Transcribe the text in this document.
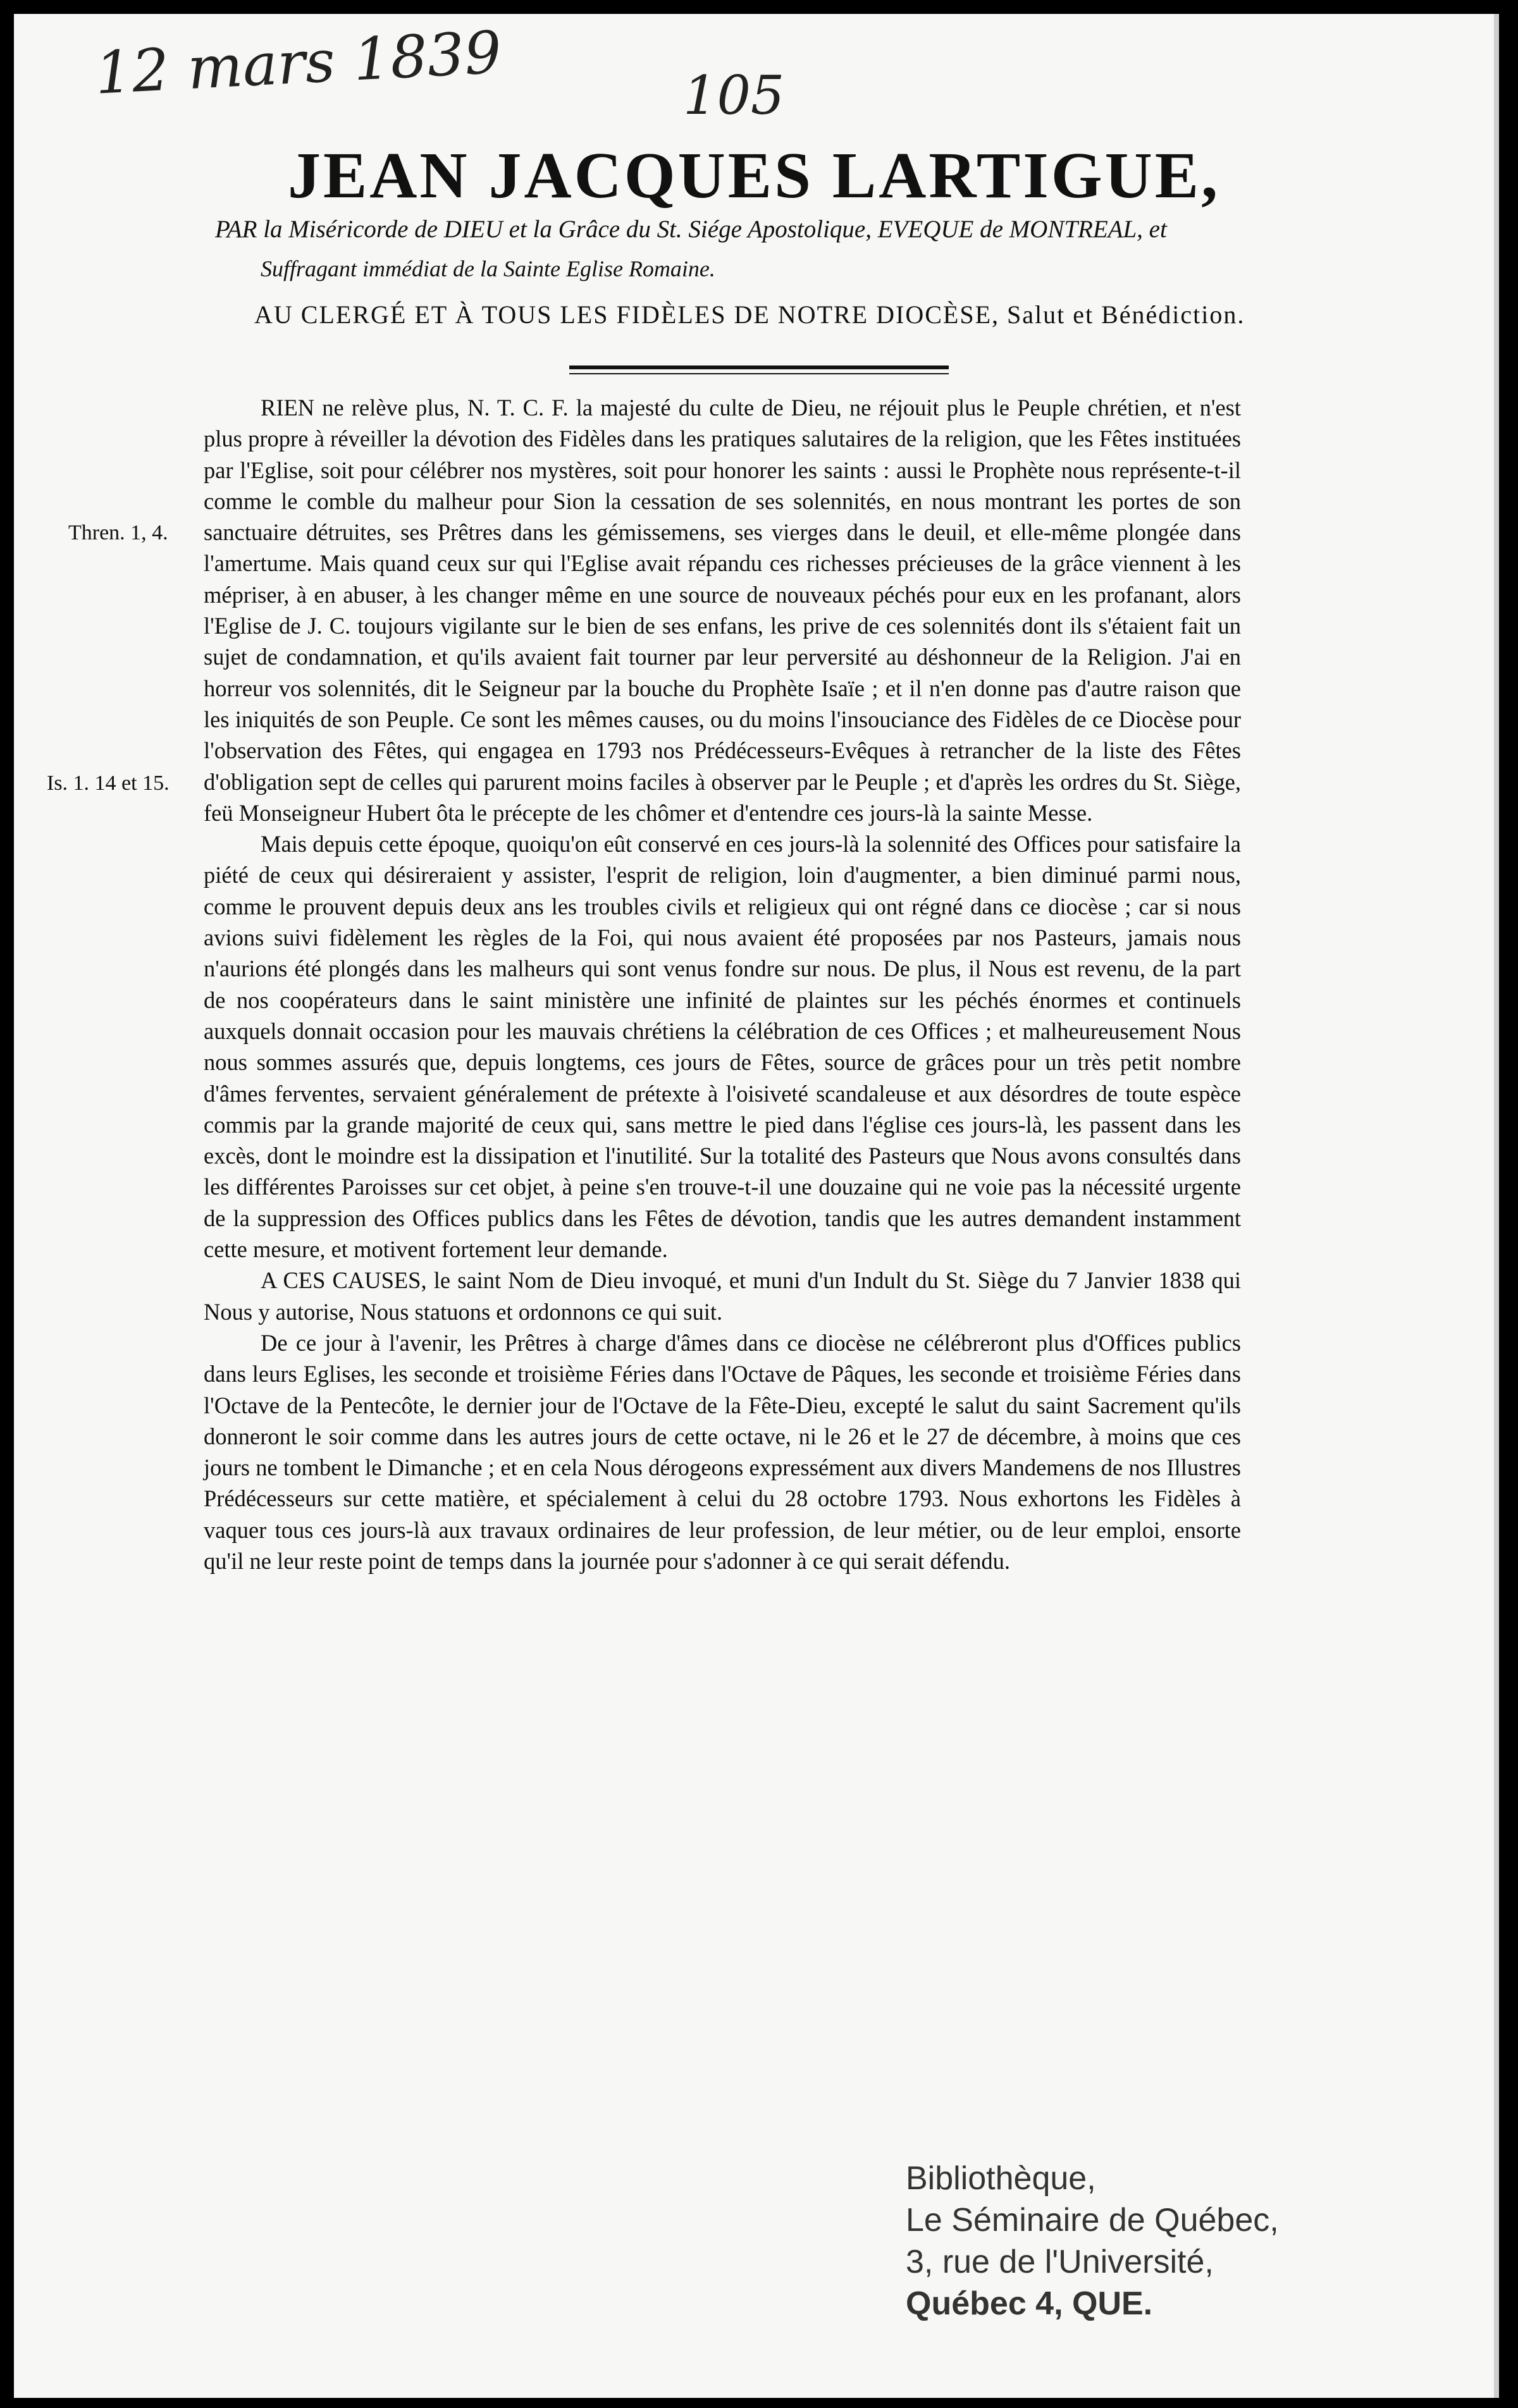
12 mars 1839	105
JEAN JACQUES LARTIGUE,
PAR la Miséricorde de DIEU et la Grâce du St. Siége Apostolique, EVEQUE de MONTREAL, et
Suffragant immédiat de la Sainte Eglise Romaine.
AU CLERGÉ ET À TOUS LES FIDÈLES DE NOTRE DIOCÈSE, Salut et Bénédiction.
Thren. 1, 4.
Is. 1. 14 et 15.

RIEN ne relève plus, N. T. C. F. la majesté du culte de Dieu, ne réjouit plus le Peuple chrétien, et n'est plus propre à réveiller la dévotion des Fidèles dans les pratiques salutaires de la religion, que les Fêtes instituées par l'Eglise, soit pour célébrer nos mystères, soit pour honorer les saints : aussi le Prophète nous représente-t-il comme le comble du malheur pour Sion la cessation de ses solennités, en nous montrant les portes de son sanctuaire détruites, ses Prêtres dans les gémissemens, ses vierges dans le deuil, et elle-même plongée dans l'amertume. Mais quand ceux sur qui l'Eglise avait répandu ces richesses précieuses de la grâce viennent à les mépriser, à en abuser, à les changer même en une source de nouveaux péchés pour eux en les profanant, alors l'Eglise de J. C. toujours vigilante sur le bien de ses enfans, les prive de ces solennités dont ils s'étaient fait un sujet de condamnation, et qu'ils avaient fait tourner par leur perversité au déshonneur de la Religion. J'ai en horreur vos solennités, dit le Seigneur par la bouche du Prophète Isaïe ; et il n'en donne pas d'autre raison que les iniquités de son Peuple. Ce sont les mêmes causes, ou du moins l'insouciance des Fidèles de ce Diocèse pour l'observation des Fêtes, qui engagea en 1793 nos Prédécesseurs-Evêques à retrancher de la liste des Fêtes d'obligation sept de celles qui parurent moins faciles à observer par le Peuple ; et d'après les ordres du St. Siège, feü Monseigneur Hubert ôta le précepte de les chômer et d'entendre ces jours-là la sainte Messe.

Mais depuis cette époque, quoiqu'on eût conservé en ces jours-là la solennité des Offices pour satisfaire la piété de ceux qui désireraient y assister, l'esprit de religion, loin d'augmenter, a bien diminué parmi nous, comme le prouvent depuis deux ans les troubles civils et religieux qui ont régné dans ce diocèse ; car si nous avions suivi fidèlement les règles de la Foi, qui nous avaient été proposées par nos Pasteurs, jamais nous n'aurions été plongés dans les malheurs qui sont venus fondre sur nous. De plus, il Nous est revenu, de la part de nos coopérateurs dans le saint ministère une infinité de plaintes sur les péchés énormes et continuels auxquels donnait occasion pour les mauvais chrétiens la célébration de ces Offices ; et malheureusement Nous nous sommes assurés que, depuis longtems, ces jours de Fêtes, source de grâces pour un très petit nombre d'âmes ferventes, servaient généralement de prétexte à l'oisiveté scandaleuse et aux désordres de toute espèce commis par la grande majorité de ceux qui, sans mettre le pied dans l'église ces jours-là, les passent dans les excès, dont le moindre est la dissipation et l'inutilité. Sur la totalité des Pasteurs que Nous avons consultés dans les différentes Paroisses sur cet objet, à peine s'en trouve-t-il une douzaine qui ne voie pas la nécessité urgente de la suppression des Offices publics dans les Fêtes de dévotion, tandis que les autres demandent instamment cette mesure, et motivent fortement leur demande.

A CES CAUSES, le saint Nom de Dieu invoqué, et muni d'un Indult du St. Siège du 7 Janvier 1838 qui Nous y autorise, Nous statuons et ordonnons ce qui suit.

De ce jour à l'avenir, les Prêtres à charge d'âmes dans ce diocèse ne célébreront plus d'Offices publics dans leurs Eglises, les seconde et troisième Féries dans l'Octave de Pâques, les seconde et troisième Féries dans l'Octave de la Pentecôte, le dernier jour de l'Octave de la Fête-Dieu, excepté le salut du saint Sacrement qu'ils donneront le soir comme dans les autres jours de cette octave, ni le 26 et le 27 de décembre, à moins que ces jours ne tombent le Dimanche ; et en cela Nous dérogeons expressément aux divers Mandemens de nos Illustres Prédécesseurs sur cette matière, et spécialement à celui du 28 octobre 1793. Nous exhortons les Fidèles à vaquer tous ces jours-là aux travaux ordinaires de leur profession, de leur métier, ou de leur emploi, ensorte qu'il ne leur reste point de temps dans la journée pour s'adonner à ce qui serait défendu.

Bibliothèque,
Le Séminaire de Québec,
3, rue de l'Université,
Québec 4, QUE.
